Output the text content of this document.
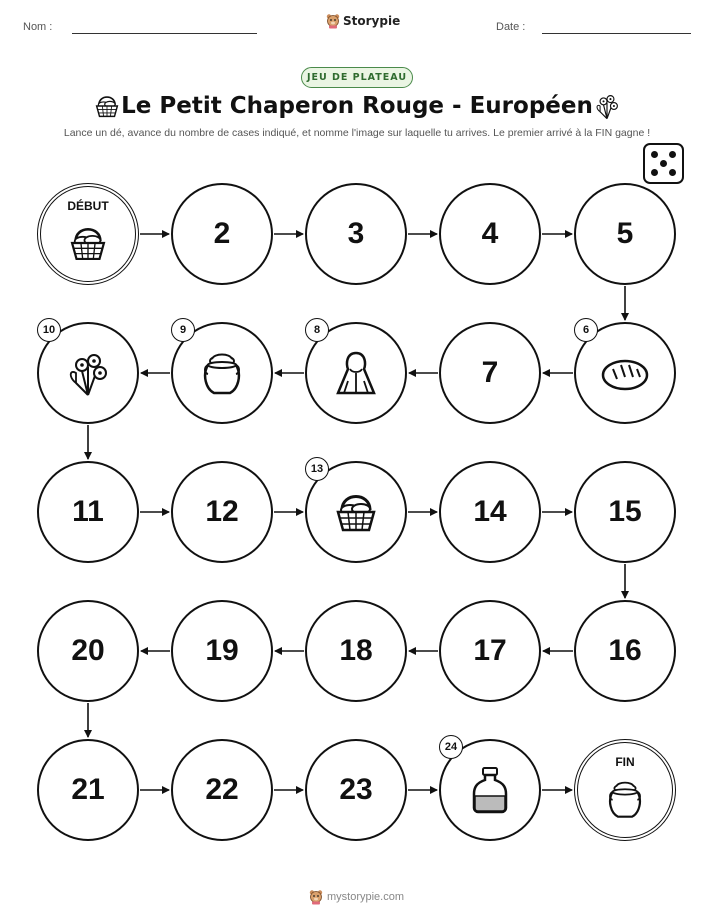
Nom :	Storypie	Date :
JEU DE PLATEAU
Le Petit Chaperon Rouge - Européen
Lance un dé, avance du nombre de cases indiqué, et nomme l'image sur laquelle tu arrives. Le premier arrivé à la FIN gagne !
DÉBUT
2	3	4	5
6
7
8
9
10
11	12
13
14	15
16
17
18
19
20
21	22	23
24
FIN
mystorypie.com
